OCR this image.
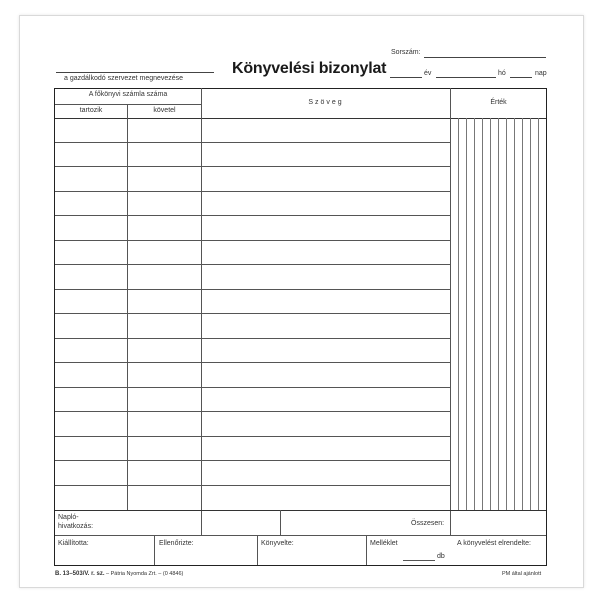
a gazdálkodó szervezet megnevezése
Könyvelési bizonylat
Sorszám:
év	hó	nap
A főkönyvi számla száma
tartozik	követel
Szöveg	Érték
Napló-
hivatkozás:	Összesen:
Kiállította:	Ellenőrizte:	Könyvelte:	Melléklet
db
A könyvelést elrendelte:
B. 13–503/V. r. sz. – Pátria Nyomda Zrt. – (0 4846)	PM által ajánlott
